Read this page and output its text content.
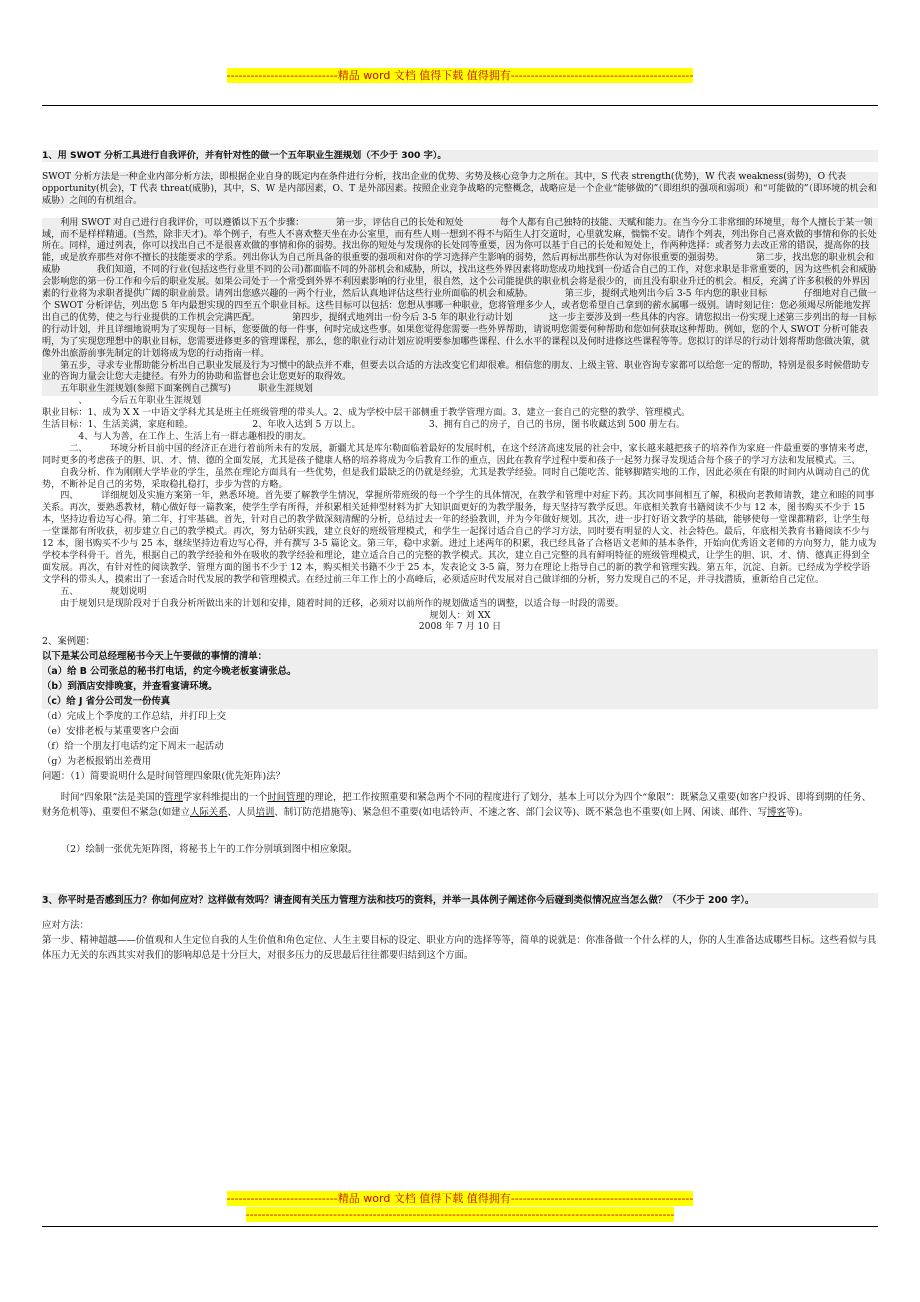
----------------------------精品 word 文档 值得下载 值得拥有----------------------------------------------

1、用 SWOT 分析工具进行自我评价，并有针对性的做一个五年职业生涯规划（不少于 300 字）。

SWOT 分析方法是一种企业内部分析方法，即根据企业自身的既定内在条件进行分析，找出企业的优势、劣势及核心竞争力之所在。其中，S 代表 strength(优势)，W 代表 weakness(弱势)，O 代表 opportunity(机会)，T 代表 threat(威胁)，其中，S、W 是内部因素，O、T 是外部因素。按照企业竞争战略的完整概念，战略应是一个企业“能够做的”（即组织的强项和弱项）和“可能做的”（即环境的机会和威胁）之间的有机组合。

利用 SWOT 对自己进行自我评价，可以遵循以下五个步骤：　　　　第一步，评估自己的长处和短处　　　　每个人都有自己独特的技能、天赋和能力。在当今分工非常细的环境里，每个人擅长于某一领域，而不是样样精通。(当然，除非天才)。举个例子，有些人不喜欢整天坐在办公室里，而有些人则一想到不得不与陌生人打交道时，心里就发麻，惴惴不安。请作个列表，列出你自己喜欢做的事情和你的长处所在。同样，通过列表，你可以找出自己不是很喜欢做的事情和你的弱势。找出你的短处与发现你的长处同等重要，因为你可以基于自己的长处和短处上，作两种选择：或者努力去改正常的错误，提高你的技能，或是放弃那些对你不擅长的技能要求的学系。列出你认为自己所具备的很重要的强项和对你的学习选择产生影响的弱势，然后再标出那些你认为对你很重要的强弱势。　　　　第二步，找出您的职业机会和威胁　　　　我们知道，不同的行业(包括这些行业里不同的公司)都面临不同的外部机会和威胁，所以，找出这些外界因素将助您成功地找到一份适合自己的工作，对您求职是非常重要的，因为这些机会和威胁会影响您的第一份工作和今后的职业发展。如果公司处于一个常受到外界不利因素影响的行业里，很自然，这个公司能提供的职业机会将是很少的，而且没有职业升迁的机会。相反，充满了许多积极的外界因素的行业将为求职者提供广阔的职业前景。请列出您感兴趣的一两个行业，然后认真地评估这些行业所面临的机会和威胁。　　　　第三步，提纲式地列出今后 3-5 年内您的职业目标　　　　仔细地对自己做一个 SWOT 分析评估，列出您 5 年内最想实现的四至五个职业目标。这些目标可以包括：您想从事哪一种职业，您将管理多少人，或者您希望自己拿到的薪水属哪一级别。请时刻记住：您必须竭尽所能地发挥出自己的优势，使之与行业提供的工作机会完满匹配。　　　　第四步，提纲式地列出一份今后 3-5 年的职业行动计划　　　　这一步主要涉及到一些具体的内容。请您拟出一份实现上述第三步列出的每一目标的行动计划，并且详细地说明为了实现每一目标，您要做的每一件事，何时完成这些事。如果您觉得您需要一些外界帮助，请说明您需要何种帮助和您如何获取这种帮助。例如，您的个人 SWOT 分析可能表明，为了实现您理想中的职业目标，您需要进修更多的管理课程，那么，您的职业行动计划应说明要参加哪些课程、什么水平的课程以及何时进修这些课程等等。您拟订的详尽的行动计划将帮助您做决策，就像外出旅游前事先制定的计划将成为您的行动指南一样。

第五步，寻求专业帮助能分析出自己职业发展及行为习惯中的缺点并不难，但要去以合适的方法改变它们却很难。相信您的朋友、上级主管、职业咨询专家都可以给您一定的帮助，特别是很多时候借助专业的咨询力量会让您大走捷径。有外力的协助和监督也会让您更好的取得效。

五年职业生涯规划(参照下面案例自己撰写)　　　职业生涯规划

　　　　、　　　今后五年职业生涯规划

职业目标：1、成为 X X 一中语文学科尤其是班主任班级管理的带头人。2、成为学校中层干部侧重于教学管理方面。3、建立一套自己的完整的教学、管理模式。

生活目标：1、生活美满，家庭和睦。　　　　　　　2、年收入达到 5 万以上。　　　　　　　　3、拥有自己的房子，自己的书房，图书收藏达到 500 册左右。

　　　　4、与人为善，在工作上、生活上有一群志趣相投的朋友。

　　　二、　　　环境分析目前中国的经济正在进行着前所未有的发展，新疆尤其是库尔勒面临着最好的发展时机，在这个经济高速发展的社会中，家长越来越把孩子的培养作为家庭一件最重要的事情来考虑，同时更多的考虑孩子的胆、识、才、情、德的全面发展，尤其是孩子健康人格的培养将成为今后教育工作的重点，因此在教育学过程中要和孩子一起努力探寻发现适合每个孩子的学习方法和发展模式。三、

　　自我分析、作为刚刚大学毕业的学生，虽然在理论方面具有一些优势，但是我们最缺乏的仍就是经验，尤其是教学经验。同时自己能吃苦、能够脚踏实地的工作，因此必须在有限的时间内从调动自己的优势，不断补足自己的劣势，采取稳扎稳打，步步为营的方略。

　　四、　　　详细规划及实施方案第一年，熟悉环境。首先要了解教学生情况，掌握所带班级的每一个学生的具体情况，在教学和管理中对症下药。其次同事间相互了解，积极向老教师请教，建立和睦的同事关系。再次，要熟悉教材，精心做好每一篇教案，使学生学有所得，并积累相关延伸型材料为扩大知识面更好的为教学服务，每天坚持写教学反思。年底相关教育书籍阅读不少与 12 本，图书购买不少于 15 本，坚持边看边写心得。第二年，打牢基础。首先，针对自己的教学做深刻清醒的分析，总结过去一年的经验教训，并为今年做好规划。其次，进一步打好语文教学的基础，能够使每一堂课都精彩，让学生每一堂课都有所收获，初步建立自己的教学模式。再次，努力钻研实践，建立良好的班级管理模式，和学生一起探讨适合自己的学习方法，同时要有明显的人文、社会特色。最后，年底相关教育书籍阅读不少与 12 本，图书购买不少与 25 本，继续坚持边看边写心得，并有撰写 3-5 篇论文。第三年，稳中求新。进过上述两年的积累，我已经具备了合格语文老师的基本条件，开始向优秀语文老师的方向努力，能力成为学校本学科骨干。首先，根据自己的教学经验和外在吸收的教学经验和理论，建立适合自己的完整的教学模式。其次，建立自己完整的具有鲜明特征的班级管理模式，让学生的胆、识、才、情、德真正得到全面发展。再次，有针对性的阅读教学、管理方面的图书不少于 12 本，购买相关书籍不少于 25 本，发表论文 3-5 篇，努力在理论上指导自己的新的教学和管理实践。第五年，沉淀、自新。已经成为学校学语文学科的带头人，摸索出了一套适合时代发展的教学和管理模式。在经过前三年工作上的小高峰后，必须适应时代发展对自己做详细的分析，努力发现自己的不足，并寻找潜质，重新给自己定位。

　　五、　　　　规划说明

　　由于规划只是现阶段对于自我分析所做出来的计划和安排，随着时间的迁移，必须对以前所作的规划做适当的调整，以适合每一时段的需要。

规划人：刘 XX

2008 年 7 月 10 日

2、案例题：

以下是某公司总经理秘书今天上午要做的事情的清单：

（a）给 B 公司张总的秘书打电话，约定今晚老板宴请张总。

（b）到酒店安排晚宴，并查看宴请环境。

（c）给 J 省分公司发一份传真

（d）完成上个季度的工作总结，并打印上交

（e）安排老板与某重要客户会面

（f）给一个朋友打电话约定下周末一起活动

（g）为老板报销出差费用

问题：（1）简要说明什么是时间管理四象限(优先矩阵)法？

时间“四象限”法是美国的管理学家科维提出的一个时间管理的理论，把工作按照重要和紧急两个不同的程度进行了划分，基本上可以分为四个“象限”：既紧急又重要(如客户投诉、即将到期的任务、财务危机等)、重要但不紧急(如建立人际关系、人员培训、制订防范措施等)、紧急但不重要(如电话铃声、不速之客、部门会议等)、既不紧急也不重要(如上网、闲谈、邮件、写博客等)。

（2）绘制一张优先矩阵图，将秘书上午的工作分别填到图中相应象限。

3、你平时是否感到压力？你如何应对？这样做有效吗？请查阅有关压力管理方法和技巧的资料，并举一具体例子阐述你今后碰到类似情况应当怎么做？（不少于 200 字）。

应对方法：

第一步、精神超越——价值观和人生定位自我的人生价值和角色定位、人生主要目标的设定、职业方向的选择等等，简单的说就是：你准备做一个什么样的人，你的人生准备达成哪些目标。这些看似与具体压力无关的东西其实对我们的影响却总是十分巨大，对很多压力的反思最后往往都要归结到这个方面。

----------------------------精品 word 文档 值得下载 值得拥有----------------------------------------------
------------------------------------------------------------------------------------------------------------
